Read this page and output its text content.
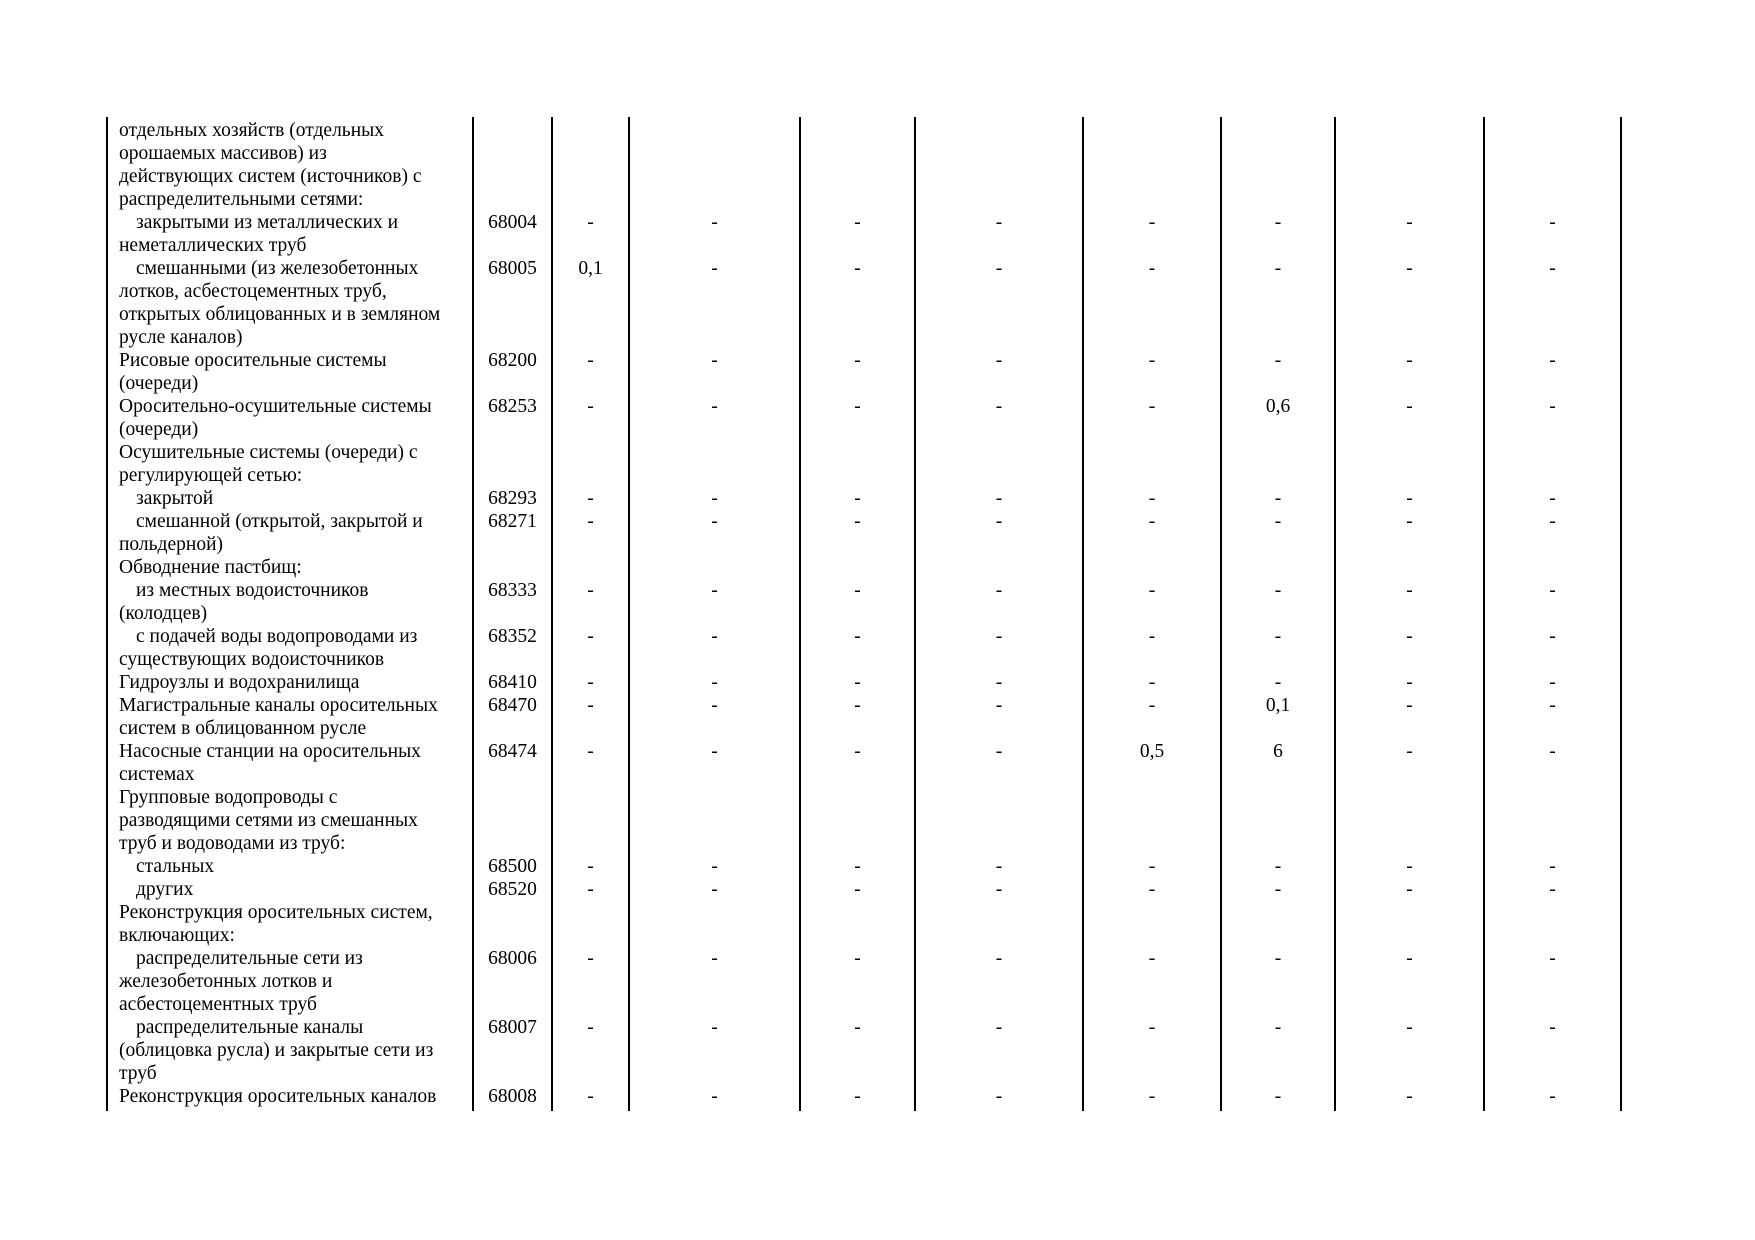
отдельных хозяйств (отдельных
орошаемых массивов) из
действующих систем (источников) с
распределительными сетями:									

закрытыми из металлических и
неметаллических труб	68004	-	-	-	-	-	-	-	-

смешанными (из железобетонных
лотков, асбестоцементных труб,
открытых облицованных и в земляном
русле каналов)	68005	0,1	-	-	-	-	-	-	-

Рисовые оросительные системы
(очереди)	68200	-	-	-	-	-	-	-	-

Оросительно-осушительные системы
(очереди)	68253	-	-	-	-	-	0,6	-	-

Осушительные системы (очереди) с
регулирующей сетью:									

закрытой	68293	-	-	-	-	-	-	-	-

смешанной (открытой, закрытой и
польдерной)	68271	-	-	-	-	-	-	-	-

Обводнение пастбищ:									

из местных водоисточников
(колодцев)	68333	-	-	-	-	-	-	-	-

с подачей воды водопроводами из
существующих водоисточников	68352	-	-	-	-	-	-	-	-

Гидроузлы и водохранилища	68410	-	-	-	-	-	-	-	-

Магистральные каналы оросительных
систем в облицованном русле	68470	-	-	-	-	-	0,1	-	-

Насосные станции на оросительных
системах	68474	-	-	-	-	0,5	6	-	-

Групповые водопроводы с
разводящими сетями из смешанных
труб и водоводами из труб:									

стальных	68500	-	-	-	-	-	-	-	-

других	68520	-	-	-	-	-	-	-	-

Реконструкция оросительных систем,
включающих:									

распределительные сети из
железобетонных лотков и
асбестоцементных труб	68006	-	-	-	-	-	-	-	-

распределительные каналы
(облицовка русла) и закрытые сети из
труб	68007	-	-	-	-	-	-	-	-

Реконструкция оросительных каналов	68008	-	-	-	-	-	-	-	-
